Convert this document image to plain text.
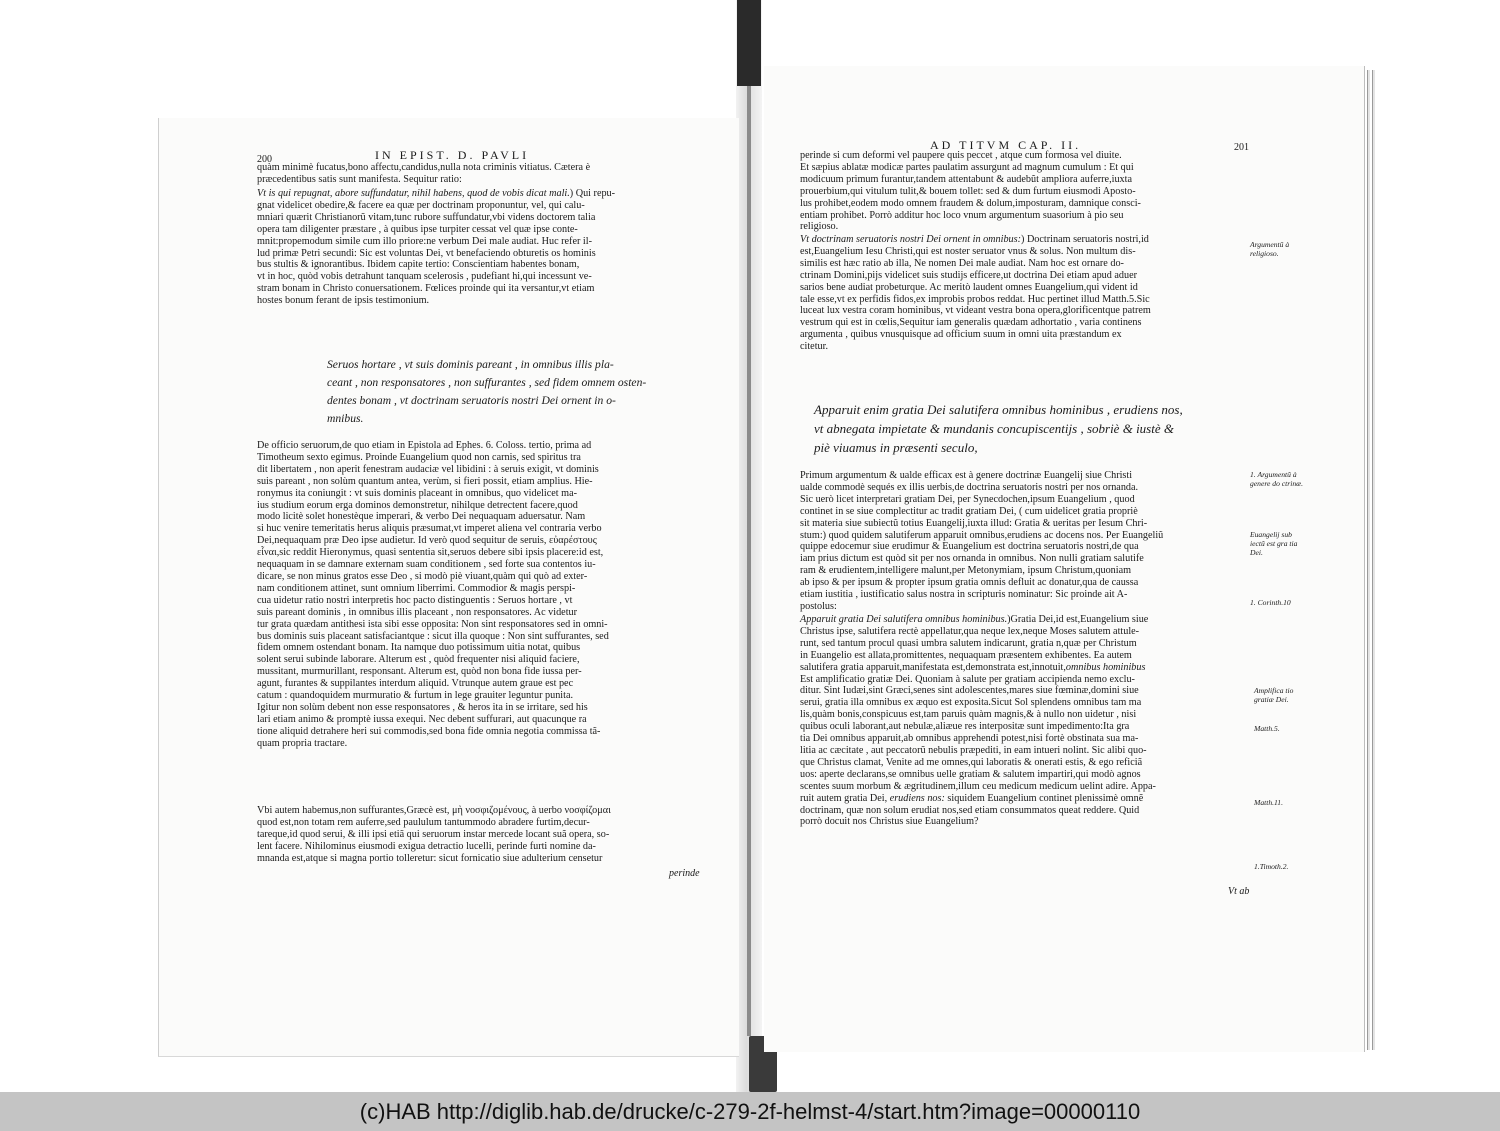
200	IN EPIST. D. PAVLI

quàm minimè fucatus,bono affectu,candidus,nulla nota criminis vitiatus. Cætera è

præcedentibus satis sunt manifesta. Sequitur ratio:

Vt is qui repugnat, abore suffundatur, nihil habens, quod de vobis dicat mali.) Qui repu-

gnat videlicet obedire,& facere ea quæ per doctrinam proponuntur, vel, qui calu-

mniari quærit Christianorũ vitam,tunc rubore suffundatur,vbi videns doctorem talia

opera tam diligenter præstare , à quibus ipse turpiter cessat vel quæ ipse conte-

mnit:propemodum simile cum illo priore:ne verbum Dei male audiat. Huc refer il-

lud primæ Petri secundi: Sic est voluntas Dei, vt benefaciendo obturetis os hominis

bus stultis & ignorantibus. Ibidem capite tertio: Conscientiam habentes bonam,

vt in hoc, quòd vobis detrahunt tanquam scelerosis , pudefiant hi,qui incessunt ve-

stram bonam in Christo conuersationem. Fœlices proinde qui ita versantur,vt etiam

hostes bonum ferant de ipsis testimonium.

Seruos hortare , vt suis dominis pareant , in omnibus illis pla-
ceant , non responsatores , non suffurantes , sed fidem omnem osten-
dentes bonam , vt doctrinam seruatoris nostri Dei ornent in o-
mnibus.

De officio seruorum,de quo etiam in Epistola ad Ephes. 6. Coloss. tertio, prima ad

Timotheum sexto egimus. Proinde Euangelium quod non carnis, sed spiritus tra

dit libertatem , non aperit fenestram audaciæ vel libidini : à seruis exigit, vt dominis

suis pareant , non solùm quantum antea, verùm, si fieri possit, etiam amplius. Hie-

ronymus ita coniungit : vt suis dominis placeant in omnibus, quo videlicet ma-

ius studium eorum erga dominos demonstretur, nihilque detrectent facere,quod

modo licitè solet honestèque imperari, & verbo Dei nequaquam aduersatur. Nam

si huc venire temeritatis herus aliquis præsumat,vt imperet aliena vel contraria verbo

Dei,nequaquam præ Deo ipse audietur. Id verò quod sequitur de seruis, εὐαρέστους

εἶναι,sic reddit Hieronymus, quasi sententia sit,seruos debere sibi ipsis placere:id est,

nequaquam in se damnare externam suam conditionem , sed forte sua contentos iu-

dicare, se non minus gratos esse Deo , si modò piè viuant,quàm qui quò ad exter-

nam conditionem attinet, sunt omnium liberrimi. Commodior & magis perspi-

cua uidetur ratio nostri interpretis hoc pacto distinguentis : Seruos hortare , vt

suis pareant dominis , in omnibus illis placeant , non responsatores. Ac videtur

tur grata quædam antithesi ista sibi esse opposita: Non sint responsatores sed in omni-

bus dominis suis placeant satisfaciantque : sicut illa quoque : Non sint suffurantes, sed

fidem omnem ostendant bonam. Ita namque duo potissimum uitia notat, quibus

solent serui subinde laborare. Alterum est , quòd frequenter nisi aliquid faciere,

mussitant, murmurillant, responsant. Alterum est, quòd non bona fide iussa per-

agunt, furantes & suppilantes interdum aliquid. Vtrunque autem graue est pec

catum : quandoquidem murmuratio & furtum in lege grauiter leguntur punita.

Igitur non solùm debent non esse responsatores , & heros ita in se irritare, sed his

lari etiam animo & promptè iussa exequi. Nec debent suffurari, aut quacunque ra

tione aliquid detrahere heri sui commodis,sed bona fide omnia negotia commissa tã-

quam propria tractare.

Vbi autem habemus,non suffurantes,Græcè est, μὴ νοσφιζομένους, à uerbo νοσφίζομαι

quod est,non totam rem auferre,sed paululum tantummodo abradere furtim,decur-

tareque,id quod serui, & illi ipsi etiã qui seruorum instar mercede locant suã opera, so-

lent facere. Nihilominus eiusmodi exigua detractio lucelli, perinde furti nomine da-

mnanda est,atque si magna portio tolleretur: sicut fornicatio siue adulterium censetur

perinde
AD TITVM CAP. II.	201

perinde si cum deformi vel paupere quis peccet , atque cum formosa vel diuite.

Et sæpius ablatæ modicæ partes paulatim assurgunt ad magnum cumulum : Et qui

modicuum primum furantur,tandem attentabunt & audebũt ampliora auferre,iuxta

prouerbium,qui vitulum tulit,& bouem tollet: sed & dum furtum eiusmodi Aposto-

lus prohibet,eodem modo omnem fraudem & dolum,imposturam, damnique consci-

entiam prohibet. Porrò additur hoc loco vnum argumentum suasorium à pio seu

religioso.

Vt doctrinam seruatoris nostri Dei ornent in omnibus:) Doctrinam seruatoris nostri,id

est,Euangelium Iesu Christi,qui est noster seruator vnus & solus. Non multum dis-

similis est hæc ratio ab illa, Ne nomen Dei male audiat. Nam hoc est ornare do-

ctrinam Domini,pijs videlicet suis studijs efficere,ut doctrina Dei etiam apud aduer

sarios bene audiat probeturque. Ac meritò laudent omnes Euangelium,qui vident id

tale esse,vt ex perfidis fidos,ex improbis probos reddat. Huc pertinet illud Matth.5.Sic

luceat lux vestra coram hominibus, vt videant vestra bona opera,glorificentque patrem

vestrum qui est in cœlis,Sequitur iam generalis quædam adhortatio , varia continens

argumenta , quibus vnusquisque ad officium suum in omni uita præstandum ex

citetur.

Apparuit enim gratia Dei salutifera omnibus hominibus , erudiens nos,
vt abnegata impietate & mundanis concupiscentijs , sobriè & iustè &
piè viuamus in præsenti seculo,

Primum argumentum & ualde efficax est à genere doctrinæ Euangelij siue Christi

ualde commodè sequés ex illis uerbis,de doctrina seruatoris nostri per nos ornanda.

Sic uerò licet interpretari gratiam Dei, per Synecdochen,ipsum Euangelium , quod

continet in se siue complectitur ac tradit gratiam Dei, ( cum uidelicet gratia propriè

sit materia siue subiectũ totius Euangelij,iuxta illud: Gratia & ueritas per Iesum Chri-

stum:) quod quidem salutiferum apparuit omnibus,erudiens ac docens nos. Per Euangeliũ

quippe edocemur siue erudimur & Euangelium est doctrina seruatoris nostri,de qua

iam prius dictum est quòd sit per nos ornanda in omnibus. Non nulli gratiam salutife

ram & erudientem,intelligere malunt,per Metonymiam, ipsum Christum,quoniam

ab ipso & per ipsum & propter ipsum gratia omnis defluit ac donatur,qua de caussa

etiam iustitia , iustificatio salus nostra in scripturis nominatur: Sic proinde ait A-

postolus:

Apparuit gratia Dei salutifera omnibus hominibus.)Gratia Dei,id est,Euangelium siue

Christus ipse, salutifera rectè appellatur,qua neque lex,neque Moses salutem attule-

runt, sed tantum procul quasi umbra salutem indicarunt, gratia n,quæ per Christum

in Euangelio est allata,promittentes, nequaquam præsentem exhibentes. Ea autem

salutifera gratia apparuit,manifestata est,demonstrata est,innotuit,omnibus hominibus

Est amplificatio gratiæ Dei. Quoniam à salute per gratiam accipienda nemo exclu-

ditur. Sint Iudæi,sint Græci,senes sint adolescentes,mares siue fœminæ,domini siue

serui, gratia illa omnibus ex æquo est exposita.Sicut Sol splendens omnibus tam ma

lis,quàm bonis,conspicuus est,tam paruis quàm magnis,& à nullo non uidetur , nisi

quibus oculi laborant,aut nebulæ,aliæue res interpositæ sunt impedimento:Ita gra

tia Dei omnibus apparuit,ab omnibus apprehendi potest,nisi fortè obstinata sua ma-

litia ac cæcitate , aut peccatorũ nebulis præpediti, in eam intueri nolint. Sic alibi quo-

que Christus clamat, Venite ad me omnes,qui laboratis & onerati estis, & ego reficiã

uos: aperte declarans,se omnibus uelle gratiam & salutem impartiri,qui modò agnos

scentes suum morbum & ægritudinem,illum ceu medicum medicum uelint adire. Appa-

ruit autem gratia Dei, erudiens nos: siquidem Euangelium continet plenissimè omnẽ

doctrinam, quæ non solum erudiat nos,sed etiam consummatos queat reddere. Quid

porrò docuit nos Christus siue Euangelium?

Argumentũ à religioso.
1. Argumentũ à genere do ctrinæ.
Euangelij sub iectũ est gra tia Dei.
1. Corinth.10
Amplifica tio gratiæ Dei.
Matth.5.
Matth.11.
1.Timoth.2.
Vt ab
(c)HAB http://diglib.hab.de/drucke/c-279-2f-helmst-4/start.htm?image=00000110
